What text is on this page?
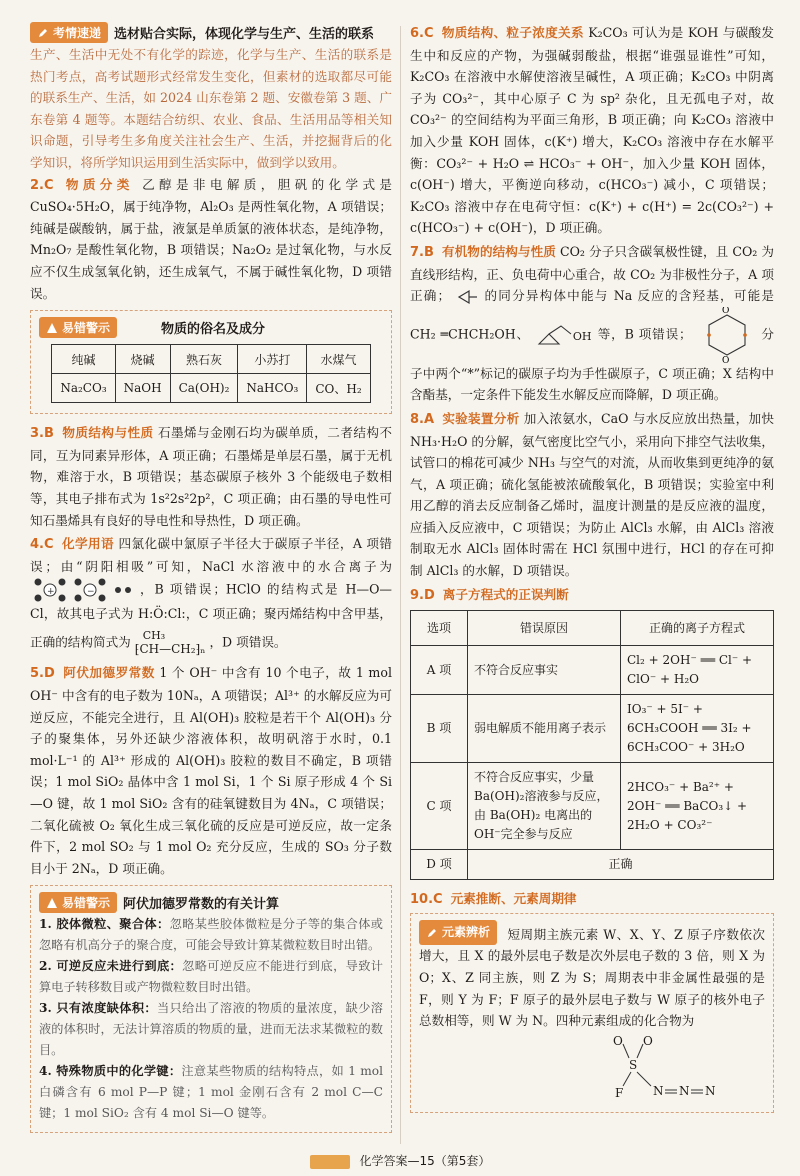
考情速递 选材贴合实际，体现化学与生产、生活的联系

生产、生活中无处不有化学的踪迹，化学与生产、生活的联系是热门考点，高考试题形式经常发生变化，但素材的选取都尽可能的联系生产、生活，如 2024 山东卷第 2 题、安徽卷第 3 题、广东卷第 4 题等。本题结合纺织、农业、食品、生活用品等相关知识命题，引导考生多角度关注社会生产、生活，并挖掘背后的化学知识，将所学知识运用到生活实际中，做到学以致用。

2.C 物质分类 乙醇是非电解质，胆矾的化学式是 CuSO₄·5H₂O，属于纯净物，Al₂O₃ 是两性氧化物，A 项错误；纯碱是碳酸钠，属于盐，液氯是单质氯的液体状态，是纯净物，Mn₂O₇ 是酸性氧化物，B 项错误；Na₂O₂ 是过氧化物，与水反应不仅生成氢氧化钠，还生成氧气，不属于碱性氧化物，D 项错误。

易错警示	物质的俗名及成分
纯碱	烧碱	熟石灰	小苏打	水煤气
Na₂CO₃	NaOH	Ca(OH)₂	NaHCO₃	CO、H₂

3.B 物质结构与性质 石墨烯与金刚石均为碳单质，二者结构不同，互为同素异形体，A 项正确；石墨烯是单层石墨，属于无机物，难溶于水，B 项错误；基态碳原子核外 3 个能级电子数相等，其电子排布式为 1s²2s²2p²，C 项正确；由石墨的导电性可知石墨烯具有良好的导电性和导热性，D 项正确。

4.C 化学用语 四氯化碳中氯原子半径大于碳原子半径，A 项错误；由“阴阳相吸”可知，NaCl 水溶液中的水合离子为
+	−	，B 项错误；HClO 的结构式是 H—O—Cl，故其电子式为 H:Ö:Cl:，C 项正确；聚丙烯结构中含甲基，正确的结构简式为 CH₃
⁅CH—CH₂⁆ₙ ，D 项错误。

5.D 阿伏加德罗常数 1 个 OH⁻ 中含有 10 个电子，故 1 mol OH⁻ 中含有的电子数为 10Nₐ，A 项错误；Al³⁺ 的水解反应为可逆反应，不能完全进行，且 Al(OH)₃ 胶粒是若干个 Al(OH)₃ 分子的聚集体，另外还缺少溶液体积，故明矾溶于水时，0.1 mol·L⁻¹ 的 Al³⁺ 形成的 Al(OH)₃ 胶粒的数目不确定，B 项错误；1 mol SiO₂ 晶体中含 1 mol Si，1 个 Si 原子形成 4 个 Si—O 键，故 1 mol SiO₂ 含有的硅氧键数目为 4Nₐ，C 项错误；二氧化硫被 O₂ 氧化生成三氧化硫的反应是可逆反应，故一定条件下，2 mol SO₂ 与 1 mol O₂ 充分反应，生成的 SO₃ 分子数目小于 2Nₐ，D 项正确。

易错警示 阿伏加德罗常数的有关计算

1. 胶体微粒、聚合体：忽略某些胶体微粒是分子等的集合体或忽略有机高分子的聚合度，可能会导致计算某微粒数目时出错。

2. 可逆反应未进行到底：忽略可逆反应不能进行到底，导致计算电子转移数目或产物微粒数目时出错。

3. 只有浓度缺体积：当只给出了溶液的物质的量浓度，缺少溶液的体积时，无法计算溶质的物质的量，进而无法求某微粒的数目。

4. 特殊物质中的化学键：注意某些物质的结构特点，如 1 mol 白磷含有 6 mol P—P 键；1 mol 金刚石含有 2 mol C—C 键；1 mol SiO₂ 含有 4 mol Si—O 键等。

6.C 物质结构、粒子浓度关系 K₂CO₃ 可认为是 KOH 与碳酸发生中和反应的产物，为强碱弱酸盐，根据“谁强显谁性”可知，K₂CO₃ 在溶液中水解使溶液呈碱性，A 项正确；K₂CO₃ 中阴离子为 CO₃²⁻，其中心原子 C 为 sp² 杂化，且无孤电子对，故 CO₃²⁻ 的空间结构为平面三角形，B 项正确；向 K₂CO₃ 溶液中加入少量 KOH 固体，c(K⁺) 增大，K₂CO₃ 溶液中存在水解平衡：CO₃²⁻ + H₂O ⇌ HCO₃⁻ + OH⁻，加入少量 KOH 固体，c(OH⁻) 增大，平衡逆向移动，c(HCO₃⁻) 减小，C 项错误；K₂CO₃ 溶液中存在电荷守恒：c(K⁺) + c(H⁺) = 2c(CO₃²⁻) + c(HCO₃⁻) + c(OH⁻)，D 项正确。

7.B 有机物的结构与性质 CO₂ 分子只含碳氧极性键，且 CO₂ 为直线形结构，正、负电荷中心重合，故 CO₂ 为非极性分子，A 项正确；	的同分异构体中能与 Na 反应的含羟基，可能是 CH₂ ═CHCH₂OH、	OH 等，B 项错误；
O
O
分子中两个“*”标记的碳原子均为手性碳原子，C 项正确；X 结构中含酯基，一定条件下能发生水解反应而降解，D 项正确。

8.A 实验装置分析 加入浓氨水，CaO 与水反应放出热量，加快 NH₃·H₂O 的分解，氨气密度比空气小，采用向下排空气法收集，试管口的棉花可减少 NH₃ 与空气的对流，从而收集到更纯净的氨气，A 项正确；硫化氢能被浓硫酸氧化，B 项错误；实验室中利用乙醇的消去反应制备乙烯时，温度计测量的是反应液的温度，应插入反应液中，C 项错误；为防止 AlCl₃ 水解，由 AlCl₃ 溶液制取无水 AlCl₃ 固体时需在 HCl 氛围中进行，HCl 的存在可抑制 AlCl₃ 的水解，D 项错误。

9.D 离子方程式的正误判断

选项	错误原因	正确的离子方程式
A 项	不符合反应事实	Cl₂ + 2OH⁻ ══ Cl⁻ + ClO⁻ + H₂O
B 项	弱电解质不能用离子表示	IO₃⁻ + 5I⁻ + 6CH₃COOH ══ 3I₂ + 6CH₃COO⁻ + 3H₂O
C 项	不符合反应事实，少量 Ba(OH)₂溶液参与反应，由 Ba(OH)₂ 电离出的 OH⁻完全参与反应	2HCO₃⁻ + Ba²⁺ + 2OH⁻ ══ BaCO₃↓ + 2H₂O + CO₃²⁻
D 项	正确	

10.C 元素推断、元素周期律

元素辨析 短周期主族元素 W、X、Y、Z 原子序数依次增大，且 X 的最外层电子数是次外层电子数的 3 倍，则 X 为 O；X、Z 同主族，则 Z 为 S；周期表中非金属性最强的是 F，则 Y 为 F；F 原子的最外层电子数与 W 原子的核外电子总数相等，则 W 为 N。四种元素组成的化合物为

O O
S
F N N N
化学答案—15（第5套）
